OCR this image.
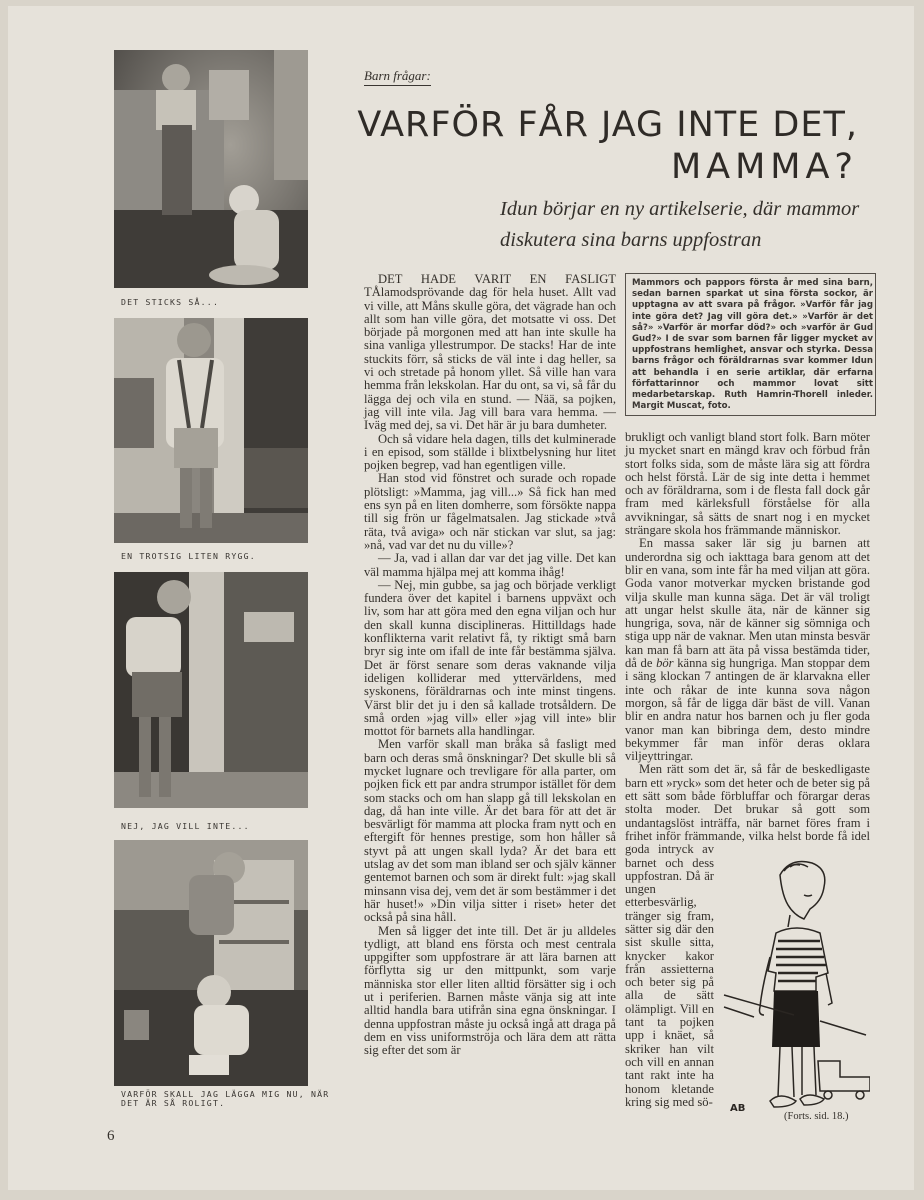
DET STICKS SÅ...
EN TROTSIG LITEN RYGG.
NEJ, JAG VILL INTE...
VARFÖR SKALL JAG LÄGGA MIG NU, NÄR DET ÄR SÅ ROLIGT.
6
Barn frågar:
VARFÖR FÅR JAG INTE DET,
MAMMA?
Idun börjar en ny artikelserie, där mammor
diskutera sina barns uppfostran

DET HADE VARIT EN FASLIGT TÅlamodsprövande dag för hela huset. Allt vad vi ville, att Måns skulle göra, det vägrade han och allt som han ville göra, det motsatte vi oss. Det började på morgonen med att han inte skulle ha sina vanliga yllestrumpor. De stacks! Har de inte stuckits förr, så sticks de väl inte i dag heller, sa vi och stretade på honom yllet. Så ville han vara hemma från lekskolan. Har du ont, sa vi, så får du lägga dej och vila en stund. — Nää, sa pojken, jag vill inte vila. Jag vill bara vara hemma. — Iväg med dej, sa vi. Det här är ju bara dumheter.

Och så vidare hela dagen, tills det kulminerade i en episod, som ställde i blixtbelysning hur litet pojken begrep, vad han egentligen ville.

Han stod vid fönstret och surade och ropade plötsligt: »Mamma, jag vill...» Så fick han med ens syn på en liten domherre, som försökte nappa till sig frön ur fågelmatsalen. Jag stickade »två räta, två aviga» och när stickan var slut, sa jag: »nå, vad var det nu du ville»?

— Ja, vad i allan dar var det jag ville. Det kan väl mamma hjälpa mej att komma ihåg!

— Nej, min gubbe, sa jag och började verkligt fundera över det kapitel i barnens uppväxt och liv, som har att göra med den egna viljan och hur den skall kunna disciplineras. Hittilldags hade konflikterna varit relativt få, ty riktigt små barn bryr sig inte om ifall de inte får bestämma själva. Det är först senare som deras vaknande vilja ideligen kolliderar med yttervärldens, med syskonens, föräldrarnas och inte minst tingens. Värst blir det ju i den så kallade trotsåldern. De små orden »jag vill» eller »jag vill inte» blir mottot för barnets alla handlingar.

Men varför skall man bråka så fasligt med barn och deras små önskningar? Det skulle bli så mycket lugnare och trevligare för alla parter, om pojken fick ett par andra strumpor istället för dem som stacks och om han slapp gå till lekskolan en dag, då han inte ville. Är det bara för att det är besvärligt för mamma att plocka fram nytt och en eftergift för hennes prestige, som hon håller så styvt på att ungen skall lyda? Är det bara ett utslag av det som man ibland ser och själv känner gentemot barnen och som är direkt fult: »jag skall minsann visa dej, vem det är som bestämmer i det här huset!» »Din vilja sitter i riset» heter det också på sina håll.

Men så ligger det inte till. Det är ju alldeles tydligt, att bland ens första och mest centrala uppgifter som uppfostrare är att lära barnen att förflytta sig ur den mittpunkt, som varje människa stor eller liten alltid försätter sig i och ut i periferien. Barnen måste vänja sig att inte alltid handla bara utifrån sina egna önskningar. I denna uppfostran måste ju också ingå att draga på dem en viss uniformströja och lära dem att rätta sig efter det som är

Mammors och pappors första år med sina barn, sedan barnen sparkat ut sina första sockor, är upptagna av att svara på frågor. »Varför får jag inte göra det? Jag vill göra det.» »Varför är det så?» »Varför är morfar död?» och »varför är Gud Gud?» I de svar som barnen får ligger mycket av uppfostrans hemlighet, ansvar och styrka. Dessa barns frågor och föräldrarnas svar kommer Idun att behandla i en serie artiklar, där erfarna författarinnor och mammor lovat sitt medarbetarskap. Ruth Hamrin-Thorell inleder. Margit Muscat, foto.
AB

brukligt och vanligt bland stort folk. Barn möter ju mycket snart en mängd krav och förbud från stort folks sida, som de måste lära sig att fördra och helst förstå. Lär de sig inte detta i hemmet och av föräldrarna, som i de flesta fall dock går fram med kärleksfull förståelse för alla avvikningar, så sätts de snart nog i en mycket strängare skola hos främmande människor.

En massa saker lär sig ju barnen att underordna sig och iakttaga bara genom att det blir en vana, som inte får ha med viljan att göra. Goda vanor motverkar mycken bristande god vilja skulle man kunna säga. Det är väl troligt att ungar helst skulle äta, när de känner sig hungriga, sova, när de känner sig sömniga och stiga upp när de vaknar. Men utan minsta besvär kan man få barn att äta på vissa bestämda tider, då de bör känna sig hungriga. Man stoppar dem i säng klockan 7 antingen de är klarvakna eller inte och råkar de inte kunna sova någon morgon, så får de ligga där bäst de vill. Vanan blir en andra natur hos barnen och ju fler goda vanor man kan bibringa dem, desto mindre bekymmer får man inför deras oklara viljeyttringar.

Men rätt som det är, så får de beskedligaste barn ett »ryck» som det heter och de beter sig på ett sätt som både förbluffar och förargar deras stolta moder. Det brukar så gott som undantagslöst inträffa, när barnet föres fram i frihet inför främmande, vilka helst borde få idel goda intryck av barnet och dess uppfostran. Då är ungen etterbesvärlig, tränger sig fram, sätter sig där den sist skulle sitta, knycker kakor från assietterna och beter sig på alla de sätt olämpligt. Vill en tant ta pojken upp i knäet, så skriker han vilt och vill en annan tant rakt inte ha honom kletande kring sig med sö-

(Forts. sid. 18.)
